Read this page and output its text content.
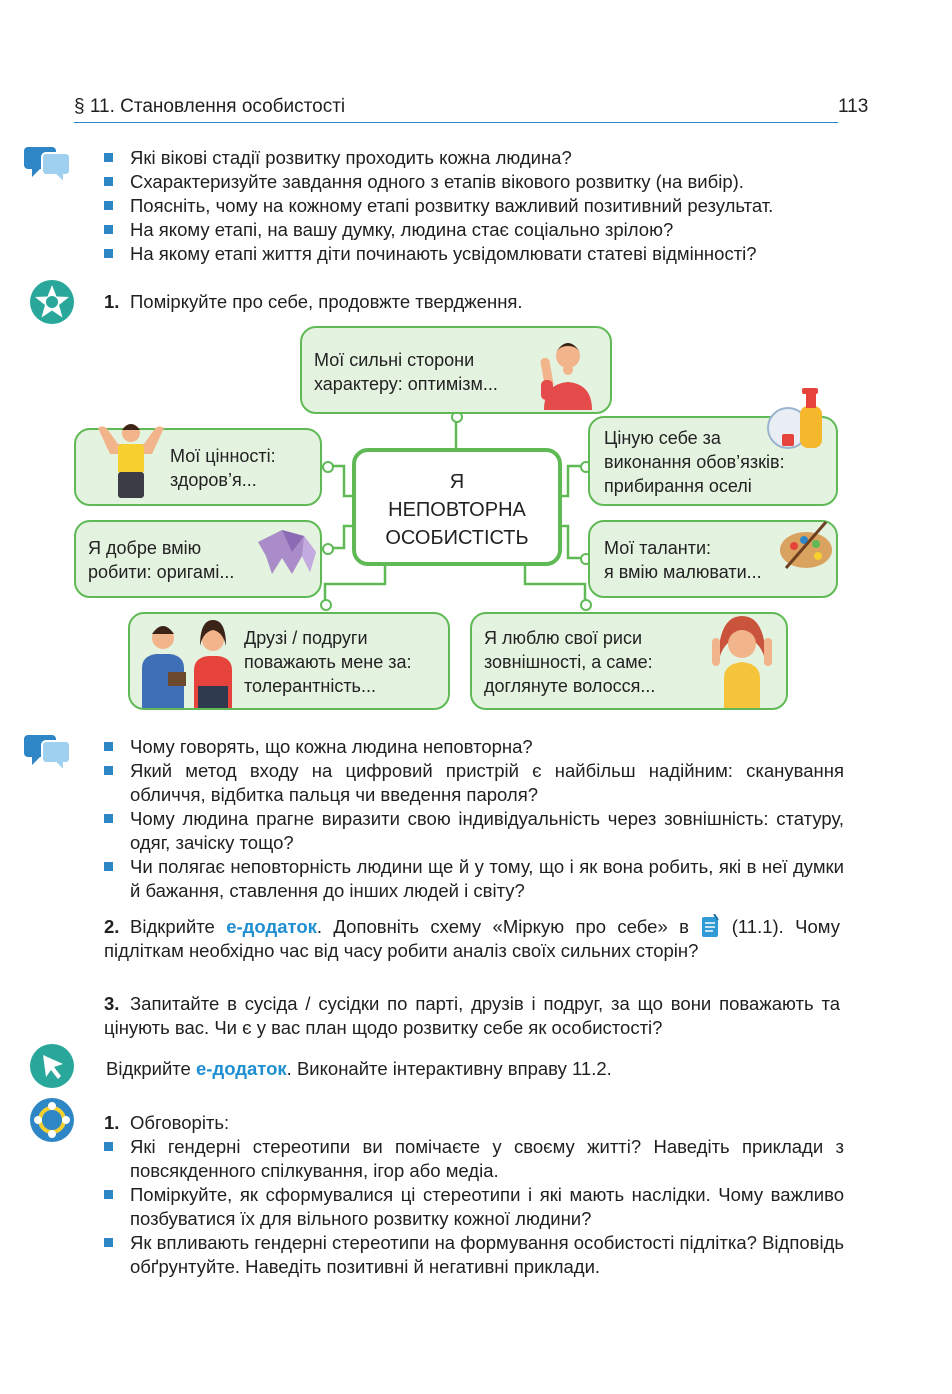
§ 11. Становлення особистості	113
Які вікові стадії розвитку проходить кожна людина?
Схарактеризуйте завдання одного з етапів вікового розвитку (на вибір).
Поясніть, чому на кожному етапі розвитку важливий позитивний результат.
На якому етапі, на вашу думку, людина стає соціально зрілою?
На якому етапі життя діти починають усвідомлювати статеві відмінності?
1. Поміркуйте про себе, продовжте твердження.
Мої сильні сторони
характеру: оптимізм...
Мої цінності:
здоров’я...
Ціную себе за
виконання обов’язків:
прибирання оселі
Я добре вмію
робити: оригамі...
Мої таланти:
я вмію малювати...
Я
НЕПОВТОРНА
ОСОБИСТІСТЬ
Друзі / подруги
поважають мене за:
толерантність...
Я люблю свої риси
зовнішності, а саме:
доглянуте волосся...
Чому говорять, що кожна людина неповторна?
Який метод входу на цифровий пристрій є найбільш надійним: сканування обличчя, відбитка пальця чи введення пароля?
Чому людина прагне виразити свою індивідуальність через зовнішність: статуру, одяг, зачіску тощо?
Чи полягає неповторність людини ще й у тому, що і як вона робить, які в неї думки й бажання, ставлення до інших людей і світу?
2. Відкрийте е-додаток. Доповніть схему «Міркую про себе» в  (11.1). Чому підліткам необхідно час від часу робити аналіз своїх сильних сторін?
3. Запитайте в сусіда / сусідки по парті, друзів і подруг, за що вони поважають та цінують вас. Чи є у вас план щодо розвитку себе як особистості?
Відкрийте е-додаток. Виконайте інтерактивну вправу 11.2.
1. Обговоріть:
Які гендерні стереотипи ви помічаєте у своєму житті? Наведіть приклади з повсякденного спілкування, ігор або медіа.
Поміркуйте, як сформувалися ці стереотипи і які мають наслідки. Чому важливо позбуватися їх для вільного розвитку кожної людини?
Як впливають гендерні стереотипи на формування особистості підлітка? Відповідь обґрунтуйте. Наведіть позитивні й негативні приклади.
